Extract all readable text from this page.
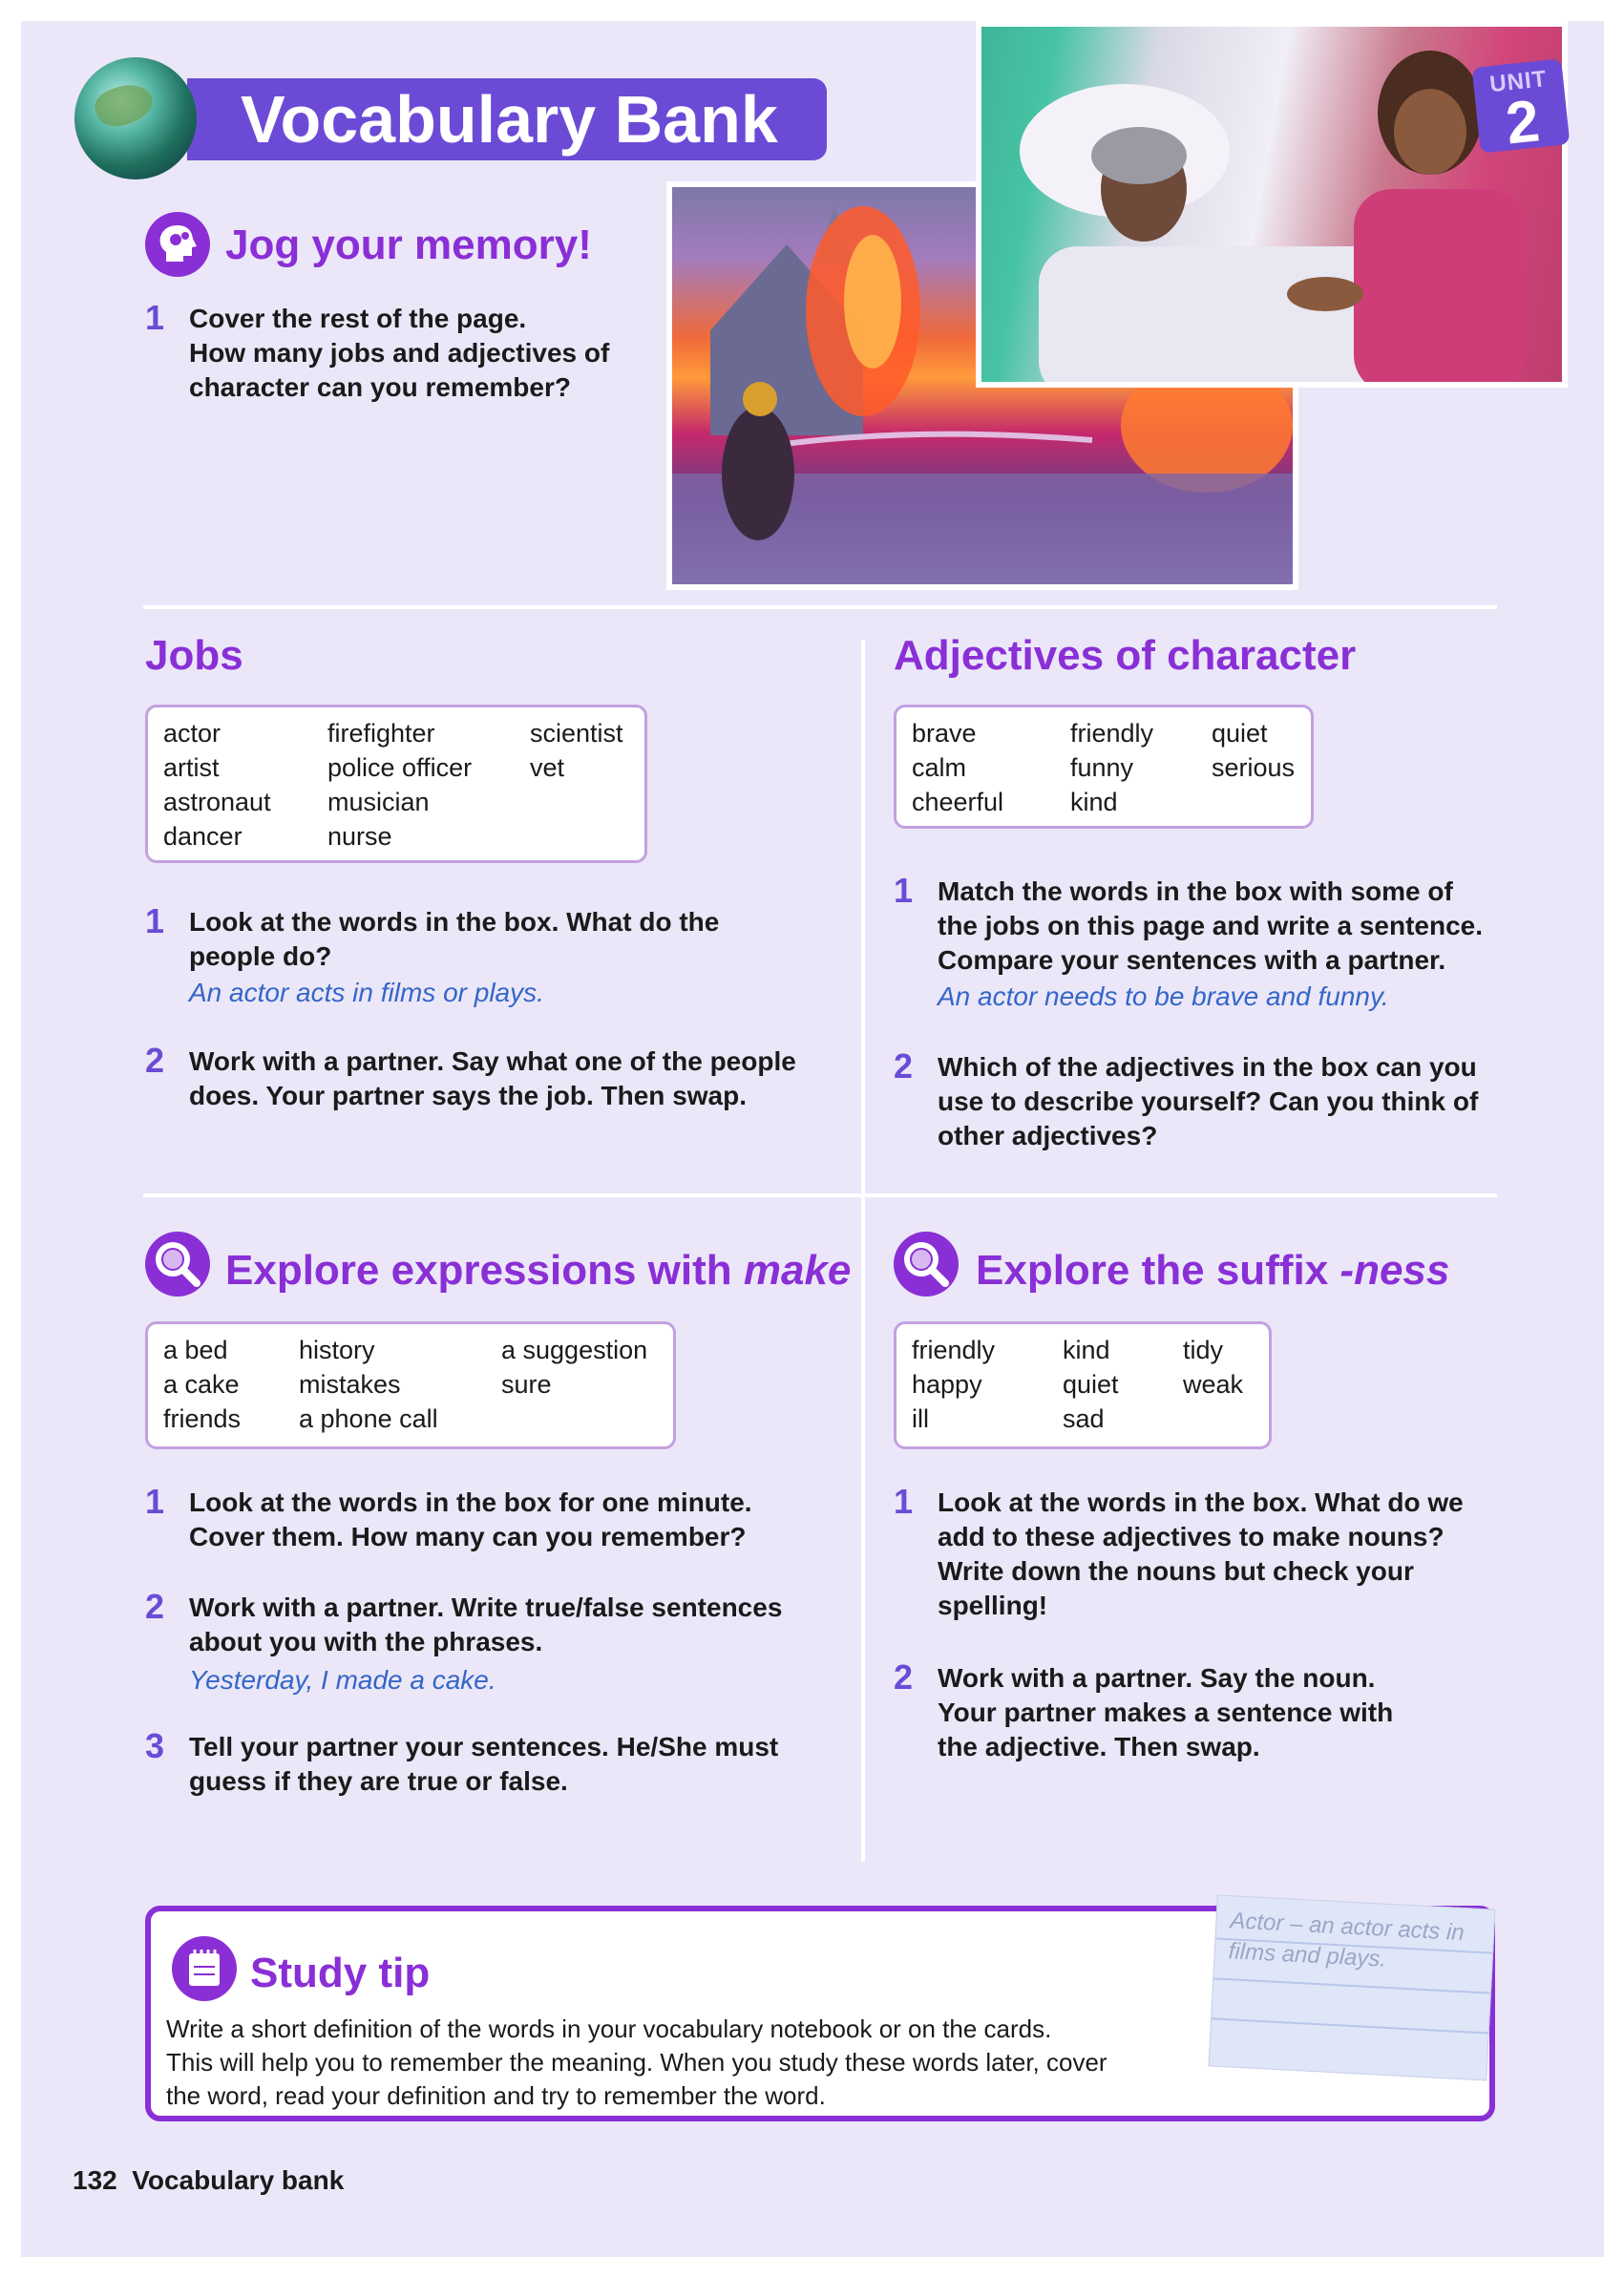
Vocabulary Bank
UNIT
2
Jog your memory!
1 Cover the rest of the page.
How many jobs and adjectives of
character can you remember?
Jobs
actor
artist
astronaut
dancer
firefighter
police officer
musician
nurse
scientist
vet
1 Look at the words in the box. What do the
people do?
An actor acts in films or plays.
2 Work with a partner. Say what one of the people
does. Your partner says the job. Then swap.
Adjectives of character
brave
calm
cheerful
friendly
funny
kind
quiet
serious
1 Match the words in the box with some of
the jobs on this page and write a sentence.
Compare your sentences with a partner.
An actor needs to be brave and funny.
2 Which of the adjectives in the box can you
use to describe yourself? Can you think of
other adjectives?
Explore expressions with make
a bed
a cake
friends
history
mistakes
a phone call
a suggestion
sure
1 Look at the words in the box for one minute.
Cover them. How many can you remember?
2 Work with a partner. Write true/false sentences
about you with the phrases.
Yesterday, I made a cake.
3 Tell your partner your sentences. He/She must
guess if they are true or false.
Explore the suffix -ness
friendly
happy
ill
kind
quiet
sad
tidy
weak
1 Look at the words in the box. What do we
add to these adjectives to make nouns?
Write down the nouns but check your
spelling!
2 Work with a partner. Say the noun.
Your partner makes a sentence with
the adjective. Then swap.
Study tip
Write a short definition of the words in your vocabulary notebook or on the cards.
This will help you to remember the meaning. When you study these words later, cover
the word, read your definition and try to remember the word.
Actor – an actor acts in
films and plays.
132 Vocabulary bank
